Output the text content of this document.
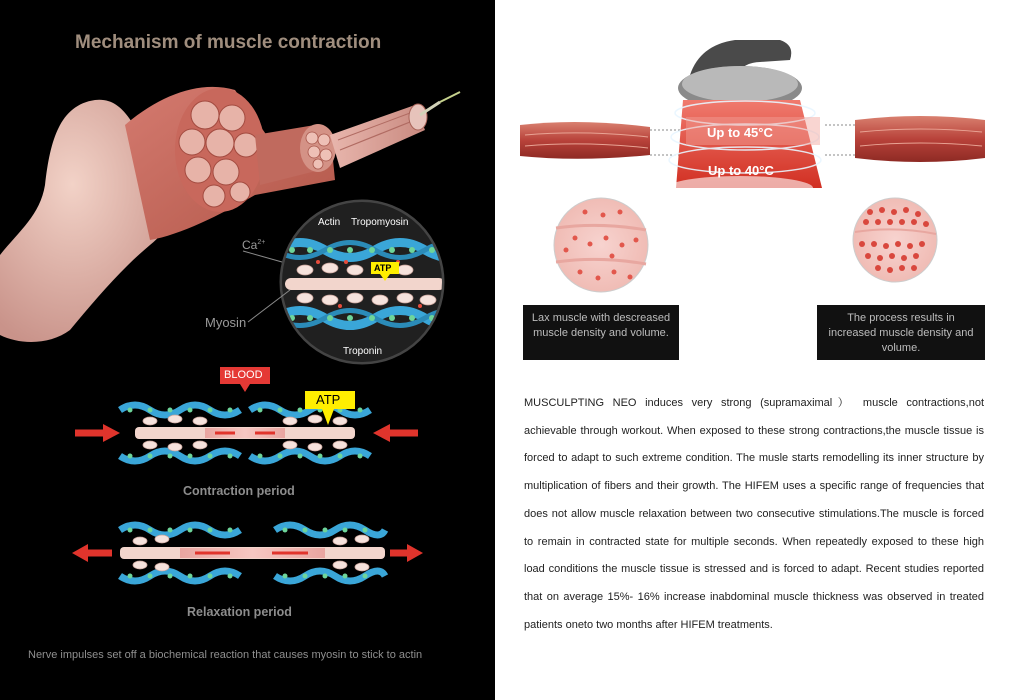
Mechanism of muscle contraction
Actin Tropomyosin
$Ca^{2+}$
ATP
Myosin
Troponin
BLOOD
ATP
Contraction period
Relaxation period
Nerve impulses set off a biochemical reaction that causes myosin to stick to actin
Up to 45°C
Up to 40°C
Lax muscle with descreased muscle density and volume.
The process results in increased muscle density and volume.
MUSCULPTING NEO induces very strong (supramaximal） muscle contractions,not achievable through workout. When exposed to these strong contractions,the muscle tissue is forced to adapt to such extreme condition. The musle starts remodelling its inner structure by multiplication of fibers and their growth. The HIFEM uses a specific range of frequencies that does not allow muscle relaxation between two consecutive stimulations.The muscle is forced to remain in contracted state for multiple seconds. When repeatedly exposed to these high load conditions the muscle tissue is stressed and is forced to adapt. Recent studies reported that on average 15%- 16% increase inabdominal muscle thickness was observed in treated patients oneto two months after HIFEM treatments.
